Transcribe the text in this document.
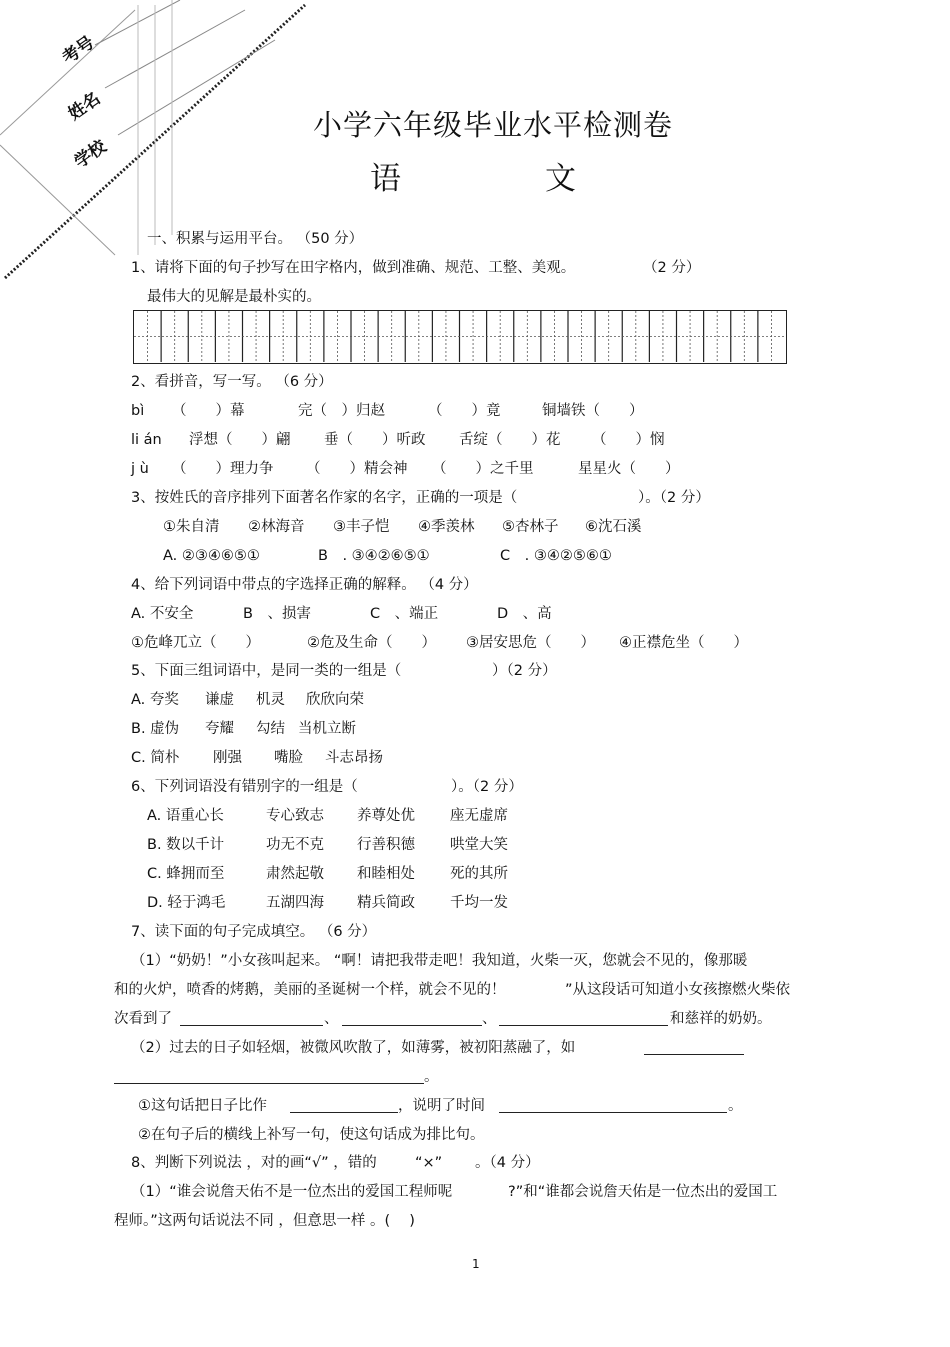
考号
姓名
学校
小学六年级毕业水平检测卷
语	文
一、积累与运用平台。 （50 分）
1、请将下面的句子抄写在田字格内，做到准确、规范、工整、美观。	（2 分）
最伟大的见解是最朴实的。
2、看拼音，写一写。 （6 分）
bì （　　）幕	完（　）归赵	（　　）竟	铜墙铁（　　）
li án 浮想（　　）翩 垂（　　）听政 舌绽（　　）花 （　　）悯
j ù （　　）理力争 （　　）精会神 （　　）之千里	星星火（　　）
3、按姓氏的音序排列下面著名作家的名字，正确的一项是（	）。（2 分）
①朱自清 ②林海音 ③丰子恺 ④季羡林 ⑤杏林子 ⑥沈石溪
A. ②③④⑥⑤①	B　. ③④②⑥⑤①	C　. ③④②⑤⑥①
4、给下列词语中带点的字选择正确的解释。 （4 分）
A. 不安全	B　、损害	C　、端正	D　、高
①危峰兀立（　　）	②危及生命（　　） ③居安思危（　　） ④正襟危坐（　　）
5、下面三组词语中，是同一类的一组是（	）（2 分）
A. 夸奖 谦虚 机灵 欣欣向荣
B. 虚伪 夸耀 勾结 当机立断
C. 简朴 刚强 嘴脸 斗志昂扬
6、下列词语没有错别字的一组是（	）。（2 分）
A. 语重心长	专心致志 养尊处优 座无虚席
B. 数以千计	功无不克 行善积德 哄堂大笑
C. 蜂拥而至	肃然起敬 和睦相处 死的其所
D. 轻于鸿毛	五湖四海 精兵简政 千均一发
7、读下面的句子完成填空。 （6 分）
（1）“奶奶！”小女孩叫起来。 “啊！请把我带走吧！我知道，火柴一灭，您就会不见的，像那暖
和的火炉，喷香的烤鹅，美丽的圣诞树一个样，就会不见的！	”从这段话可知道小女孩擦燃火柴依
次看到了	、	、	和慈祥的奶奶。
（2）过去的日子如轻烟，被微风吹散了，如薄雾，被初阳蒸融了，如
。
①这句话把日子比作	，说明了时间	。
②在句子后的横线上补写一句，使这句话成为排比句。
8、判断下列说法 ，对的画“√” ，错的	“×” 。（4 分）
（1）“谁会说詹天佑不是一位杰出的爱国工程师呢	?”和“谁都会说詹天佑是一位杰出的爱国工
程师。”这两句话说法不同 ，但意思一样 。(　 )
1
